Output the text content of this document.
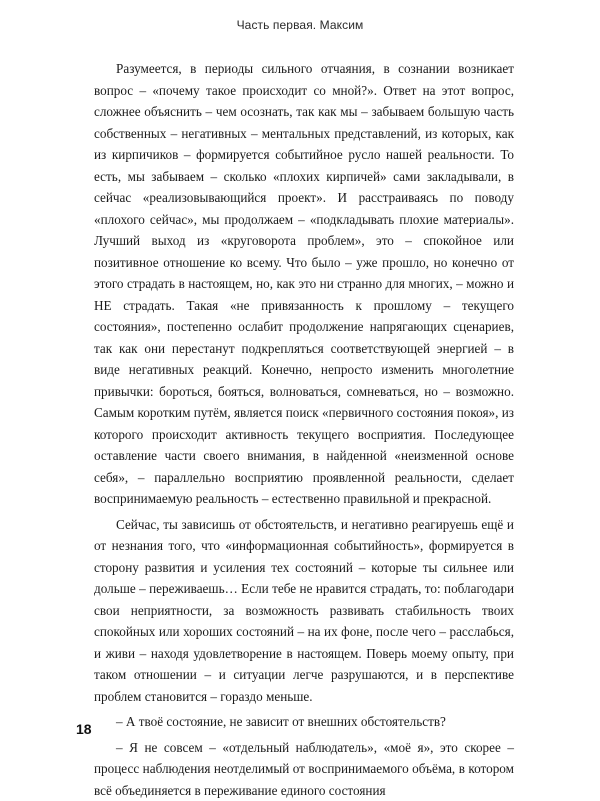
Часть первая. Максим

Разумеется, в периоды сильного отчаяния, в сознании возникает вопрос – «почему такое происходит со мной?». Ответ на этот вопрос, сложнее объяснить – чем осознать, так как мы – забываем большую часть собственных – негативных – ментальных представлений, из которых, как из кирпичиков – формируется событийное русло нашей реальности. То есть, мы забываем – сколько «плохих кирпичей» сами закладывали, в сейчас «реализовывающийся проект». И расстраиваясь по поводу «плохого сейчас», мы продолжаем – «подкладывать плохие материалы». Лучший выход из «круговорота проблем», это – спокойное или позитивное отношение ко всему. Что было – уже прошло, но конечно от этого страдать в настоящем, но, как это ни странно для многих, – можно и НЕ страдать. Такая «не привязанность к прошлому – текущего состояния», постепенно ослабит продолжение напрягающих сценариев, так как они перестанут подкрепляться соответствующей энергией – в виде негативных реакций. Конечно, непросто изменить многолетние привычки: бороться, бояться, волноваться, сомневаться, но – возможно. Самым коротким путём, является поиск «первичного состояния покоя», из которого происходит активность текущего восприятия. Последующее оставление части своего внимания, в найденной «неизменной основе себя», – параллельно восприятию проявленной реальности, сделает воспринимаемую реальность – естественно правильной и прекрасной.

Сейчас, ты зависишь от обстоятельств, и негативно реагируешь ещё и от незнания того, что «информационная событийность», формируется в сторону развития и усиления тех состояний – которые ты сильнее или дольше – переживаешь… Если тебе не нравится страдать, то: поблагодари свои неприятности, за возможность развивать стабильность твоих спокойных или хороших состояний – на их фоне, после чего – расслабься, и живи – находя удовлетворение в настоящем. Поверь моему опыту, при таком отношении – и ситуации легче разрушаются, и в перспективе проблем становится – гораздо меньше.

– А твоё состояние, не зависит от внешних обстоятельств?

– Я не совсем – «отдельный наблюдатель», «моё я», это скорее – процесс наблюдения неотделимый от воспринимаемого объёма, в котором всё объединяется в переживание единого состояния

18
